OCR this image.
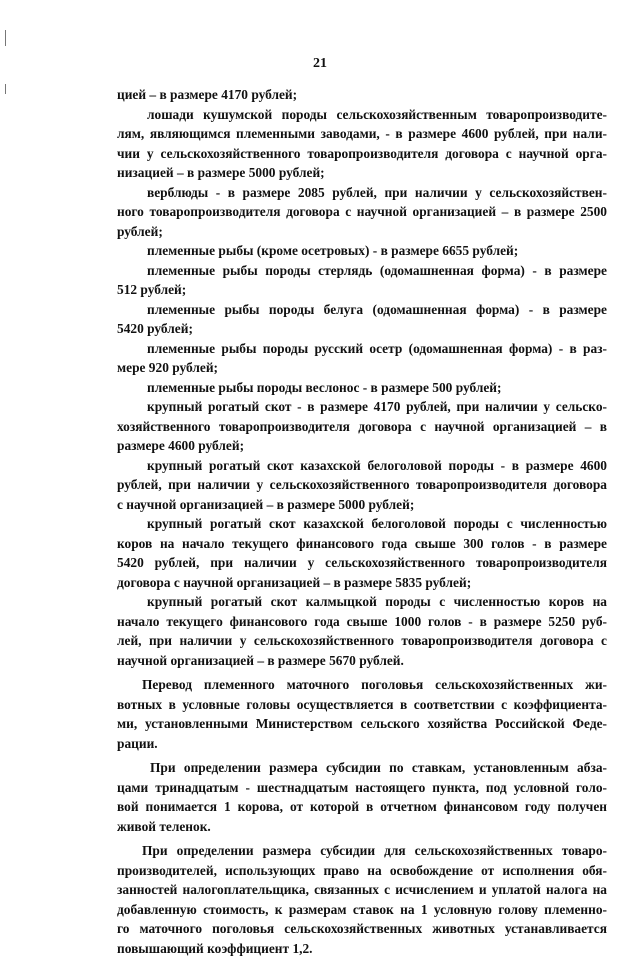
21
цией – в размере 4170 рублей;
лошади кушумской породы сельскохозяйственным товаропроизводите-
лям, являющимся племенными заводами, - в размере 4600 рублей, при нали-
чии у сельскохозяйственного товаропроизводителя договора с научной орга-
низацией – в размере 5000 рублей;
верблюды - в размере 2085 рублей, при наличии у сельскохозяйствен-
ного товаропроизводителя договора с научной организацией – в размере 2500
рублей;
племенные рыбы (кроме осетровых) - в размере 6655 рублей;
племенные рыбы породы стерлядь (одомашненная форма) - в размере
512 рублей;
племенные рыбы породы белуга (одомашненная форма) - в размере
5420 рублей;
племенные рыбы породы русский осетр (одомашненная форма) - в раз-
мере 920 рублей;
племенные рыбы породы веслонос - в размере 500 рублей;
крупный рогатый скот - в размере 4170 рублей, при наличии у сельско-
хозяйственного товаропроизводителя договора с научной организацией – в
размере 4600 рублей;
крупный рогатый скот казахской белоголовой породы - в размере 4600
рублей, при наличии у сельскохозяйственного товаропроизводителя договора
с научной организацией – в размере 5000 рублей;
крупный рогатый скот казахской белоголовой породы с численностью
коров на начало текущего финансового года свыше 300 голов - в размере
5420 рублей, при наличии у сельскохозяйственного товаропроизводителя
договора с научной организацией – в размере 5835 рублей;
крупный рогатый скот калмыцкой породы с численностью коров на
начало текущего финансового года свыше 1000 голов - в размере 5250 руб-
лей, при наличии у сельскохозяйственного товаропроизводителя договора с
научной организацией – в размере 5670 рублей.
Перевод племенного маточного поголовья сельскохозяйственных жи-
вотных в условные головы осуществляется в соответствии с коэффициента-
ми, установленными Министерством сельского хозяйства Российской Феде-
рации.
При определении размера субсидии по ставкам, установленным абза-
цами тринадцатым - шестнадцатым настоящего пункта, под условной голо-
вой понимается 1 корова, от которой в отчетном финансовом году получен
живой теленок.
При определении размера субсидии для сельскохозяйственных товаро-
производителей, использующих право на освобождение от исполнения обя-
занностей налогоплательщика, связанных с исчислением и уплатой налога на
добавленную стоимость, к размерам ставок на 1 условную голову племенно-
го маточного поголовья сельскохозяйственных животных устанавливается
повышающий коэффициент 1,2.
